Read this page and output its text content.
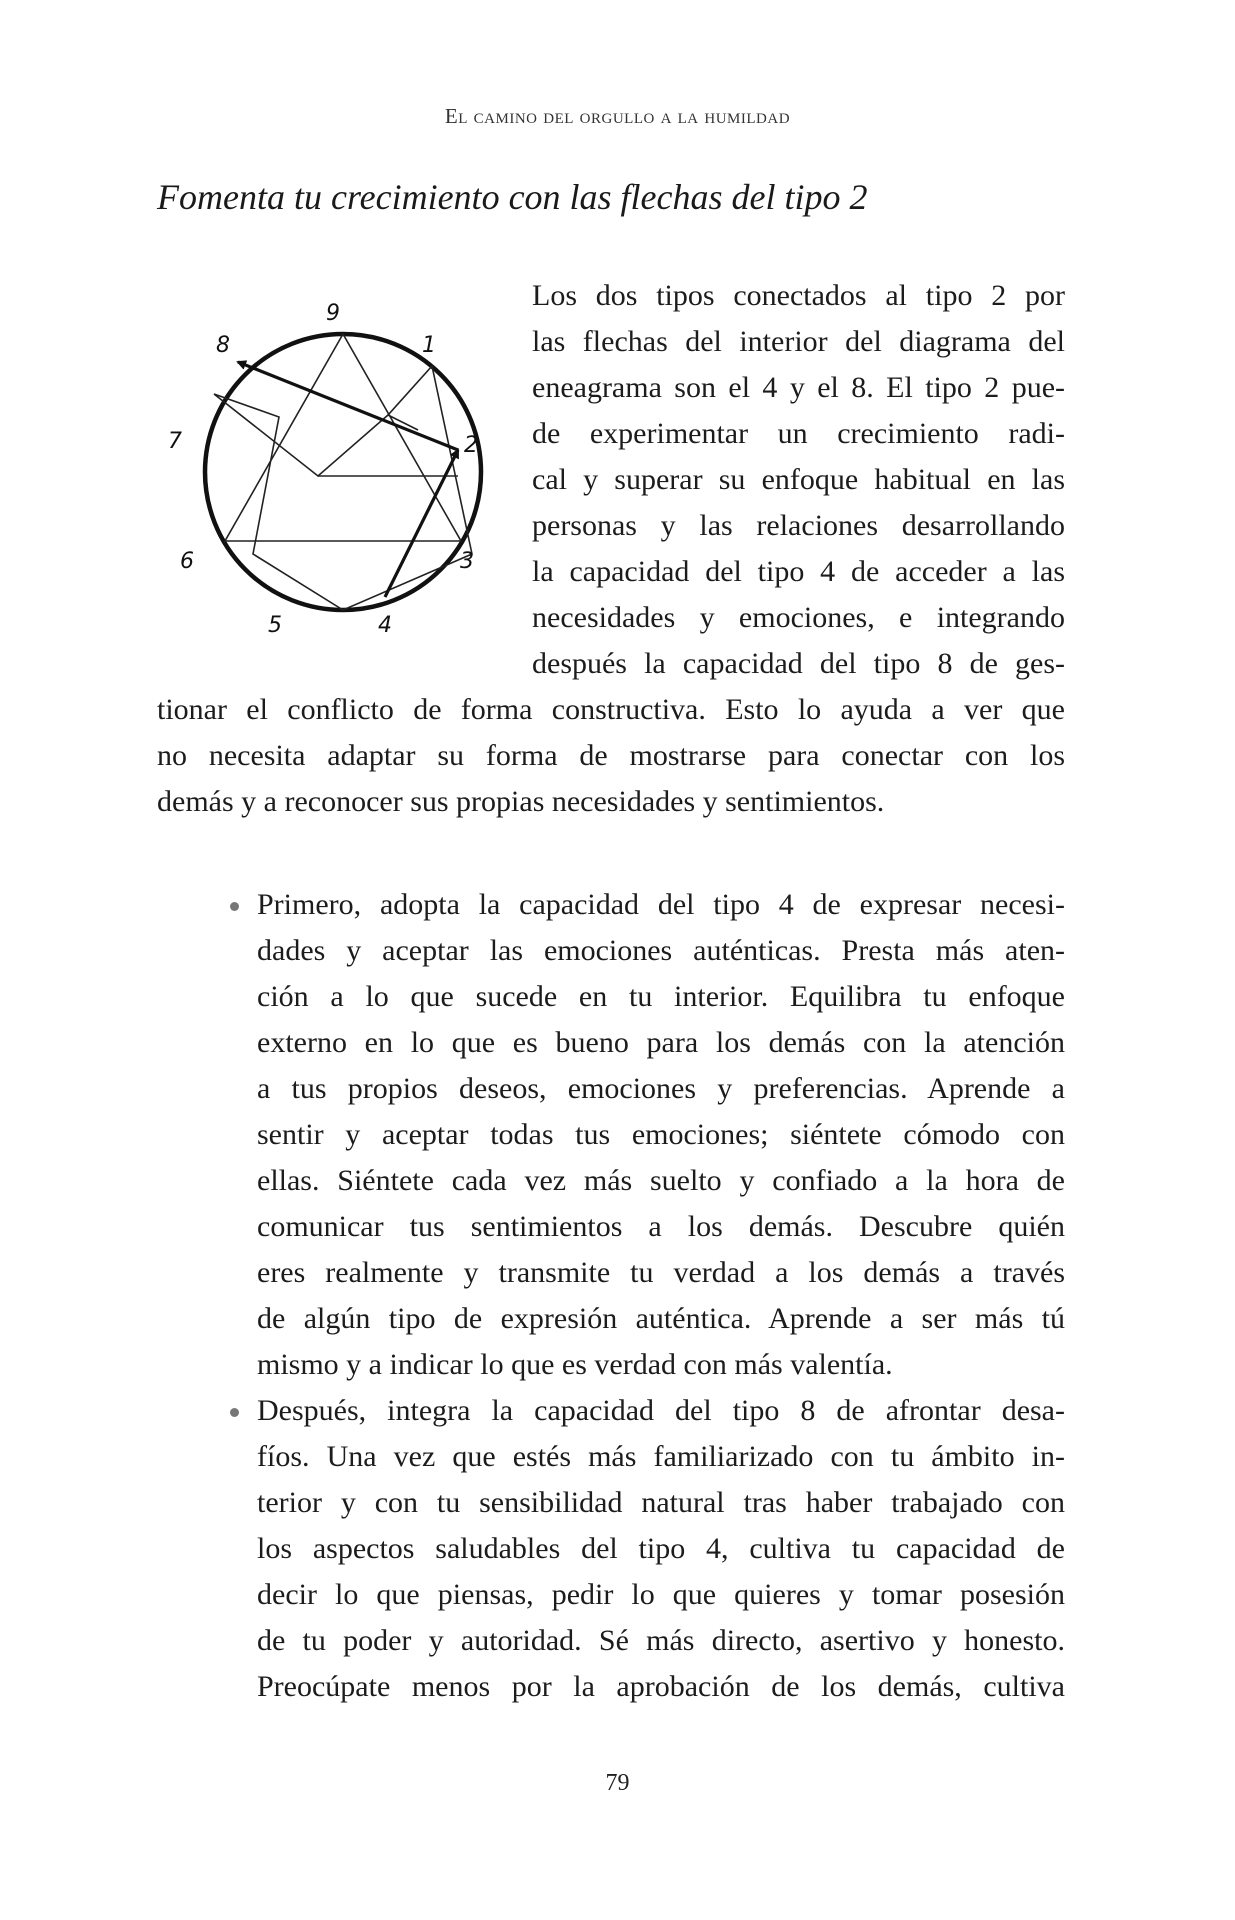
El camino del orgullo a la humildad
Fomenta tu crecimiento con las flechas del tipo 2
9
1
2
3
4
5
6
7
8
Los dos tipos conectados al tipo 2 por
las flechas del interior del diagrama del
eneagrama son el 4 y el 8. El tipo 2 pue-
de experimentar un crecimiento radi-
cal y superar su enfoque habitual en las
personas y las relaciones desarrollando
la capacidad del tipo 4 de acceder a las
necesidades y emociones, e integrando
después la capacidad del tipo 8 de ges-
tionar el conflicto de forma constructiva. Esto lo ayuda a ver que
no necesita adaptar su forma de mostrarse para conectar con los
demás y a reconocer sus propias necesidades y sentimientos.
Primero, adopta la capacidad del tipo 4 de expresar necesi-
dades y aceptar las emociones auténticas. Presta más aten-
ción a lo que sucede en tu interior. Equilibra tu enfoque
externo en lo que es bueno para los demás con la atención
a tus propios deseos, emociones y preferencias. Aprende a
sentir y aceptar todas tus emociones; siéntete cómodo con
ellas. Siéntete cada vez más suelto y confiado a la hora de
comunicar tus sentimientos a los demás. Descubre quién
eres realmente y transmite tu verdad a los demás a través
de algún tipo de expresión auténtica. Aprende a ser más tú
mismo y a indicar lo que es verdad con más valentía.
Después, integra la capacidad del tipo 8 de afrontar desa-
fíos. Una vez que estés más familiarizado con tu ámbito in-
terior y con tu sensibilidad natural tras haber trabajado con
los aspectos saludables del tipo 4, cultiva tu capacidad de
decir lo que piensas, pedir lo que quieres y tomar posesión
de tu poder y autoridad. Sé más directo, asertivo y honesto.
Preocúpate menos por la aprobación de los demás, cultiva
79
